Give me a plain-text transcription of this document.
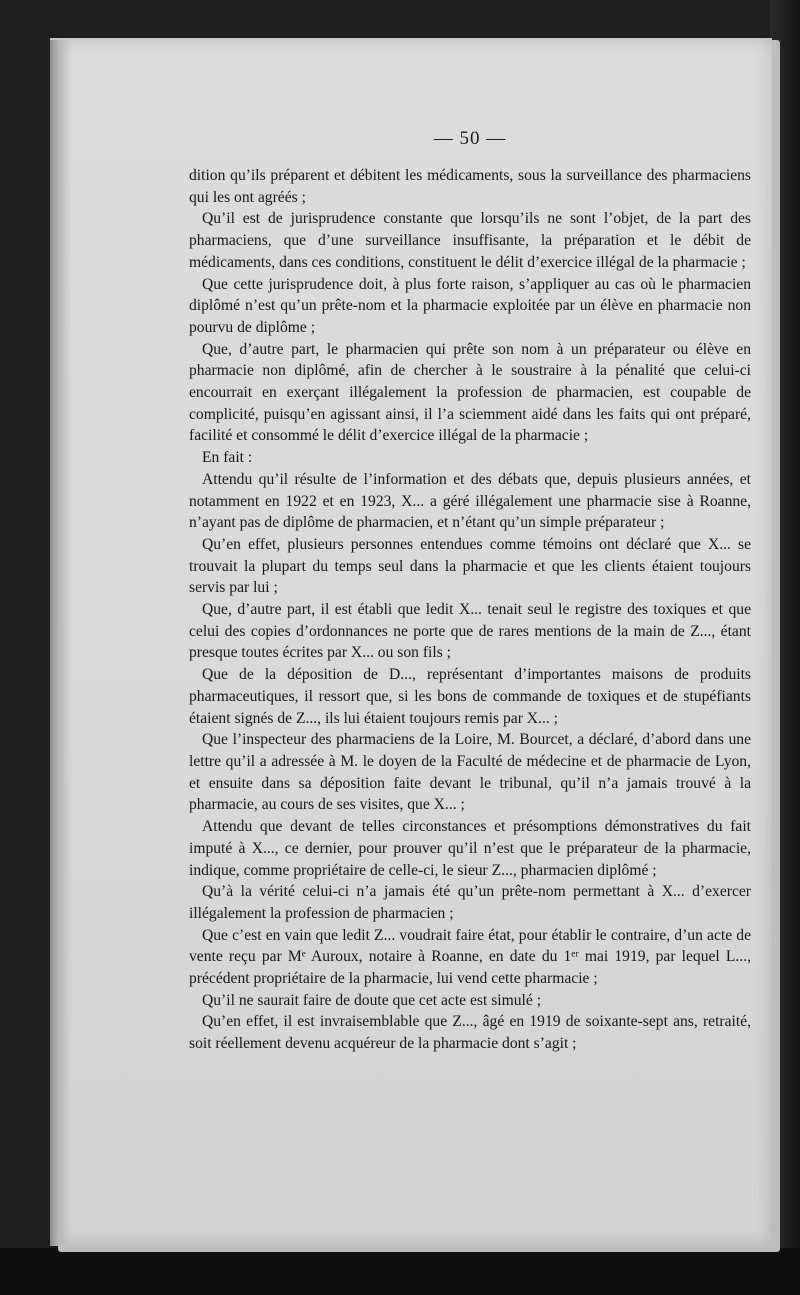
— 50 —

dition qu’ils préparent et débitent les médicaments, sous la surveillance des pharmaciens qui les ont agréés ;

Qu’il est de jurisprudence constante que lorsqu’ils ne sont l’objet, de la part des pharmaciens, que d’une surveillance insuffisante, la préparation et le débit de médicaments, dans ces conditions, constituent le délit d’exercice illégal de la pharmacie ;

Que cette jurisprudence doit, à plus forte raison, s’appliquer au cas où le pharmacien diplômé n’est qu’un prête-nom et la pharmacie exploitée par un élève en pharmacie non pourvu de diplôme ;

Que, d’autre part, le pharmacien qui prête son nom à un préparateur ou élève en pharmacie non diplômé, afin de chercher à le soustraire à la pénalité que celui-ci encourrait en exerçant illégalement la profession de pharmacien, est coupable de complicité, puisqu’en agissant ainsi, il l’a sciemment aidé dans les faits qui ont préparé, facilité et consommé le délit d’exercice illégal de la pharmacie ;

En fait :

Attendu qu’il résulte de l’information et des débats que, depuis plusieurs années, et notamment en 1922 et en 1923, X... a géré illégalement une pharmacie sise à Roanne, n’ayant pas de diplôme de pharmacien, et n’étant qu’un simple préparateur ;

Qu’en effet, plusieurs personnes entendues comme témoins ont déclaré que X... se trouvait la plupart du temps seul dans la pharmacie et que les clients étaient toujours servis par lui ;

Que, d’autre part, il est établi que ledit X... tenait seul le registre des toxiques et que celui des copies d’ordonnances ne porte que de rares mentions de la main de Z..., étant presque toutes écrites par X... ou son fils ;

Que de la déposition de D..., représentant d’importantes maisons de produits pharmaceutiques, il ressort que, si les bons de commande de toxiques et de stupéfiants étaient signés de Z..., ils lui étaient toujours remis par X... ;

Que l’inspecteur des pharmaciens de la Loire, M. Bourcet, a déclaré, d’abord dans une lettre qu’il a adressée à M. le doyen de la Faculté de médecine et de pharmacie de Lyon, et ensuite dans sa déposition faite devant le tribunal, qu’il n’a jamais trouvé à la pharmacie, au cours de ses visites, que X... ;

Attendu que devant de telles circonstances et présomptions démonstratives du fait imputé à X..., ce dernier, pour prouver qu’il n’est que le préparateur de la pharmacie, indique, comme propriétaire de celle-ci, le sieur Z..., pharmacien diplômé ;

Qu’à la vérité celui-ci n’a jamais été qu’un prête-nom permettant à X... d’exercer illégalement la profession de pharmacien ;

Que c’est en vain que ledit Z... voudrait faire état, pour établir le contraire, d’un acte de vente reçu par Mᵉ Auroux, notaire à Roanne, en date du 1ᵉʳ mai 1919, par lequel L..., précédent propriétaire de la pharmacie, lui vend cette pharmacie ;

Qu’il ne saurait faire de doute que cet acte est simulé ;

Qu’en effet, il est invraisemblable que Z..., âgé en 1919 de soixante-sept ans, retraité, soit réellement devenu acquéreur de la pharmacie dont s’agit ;
